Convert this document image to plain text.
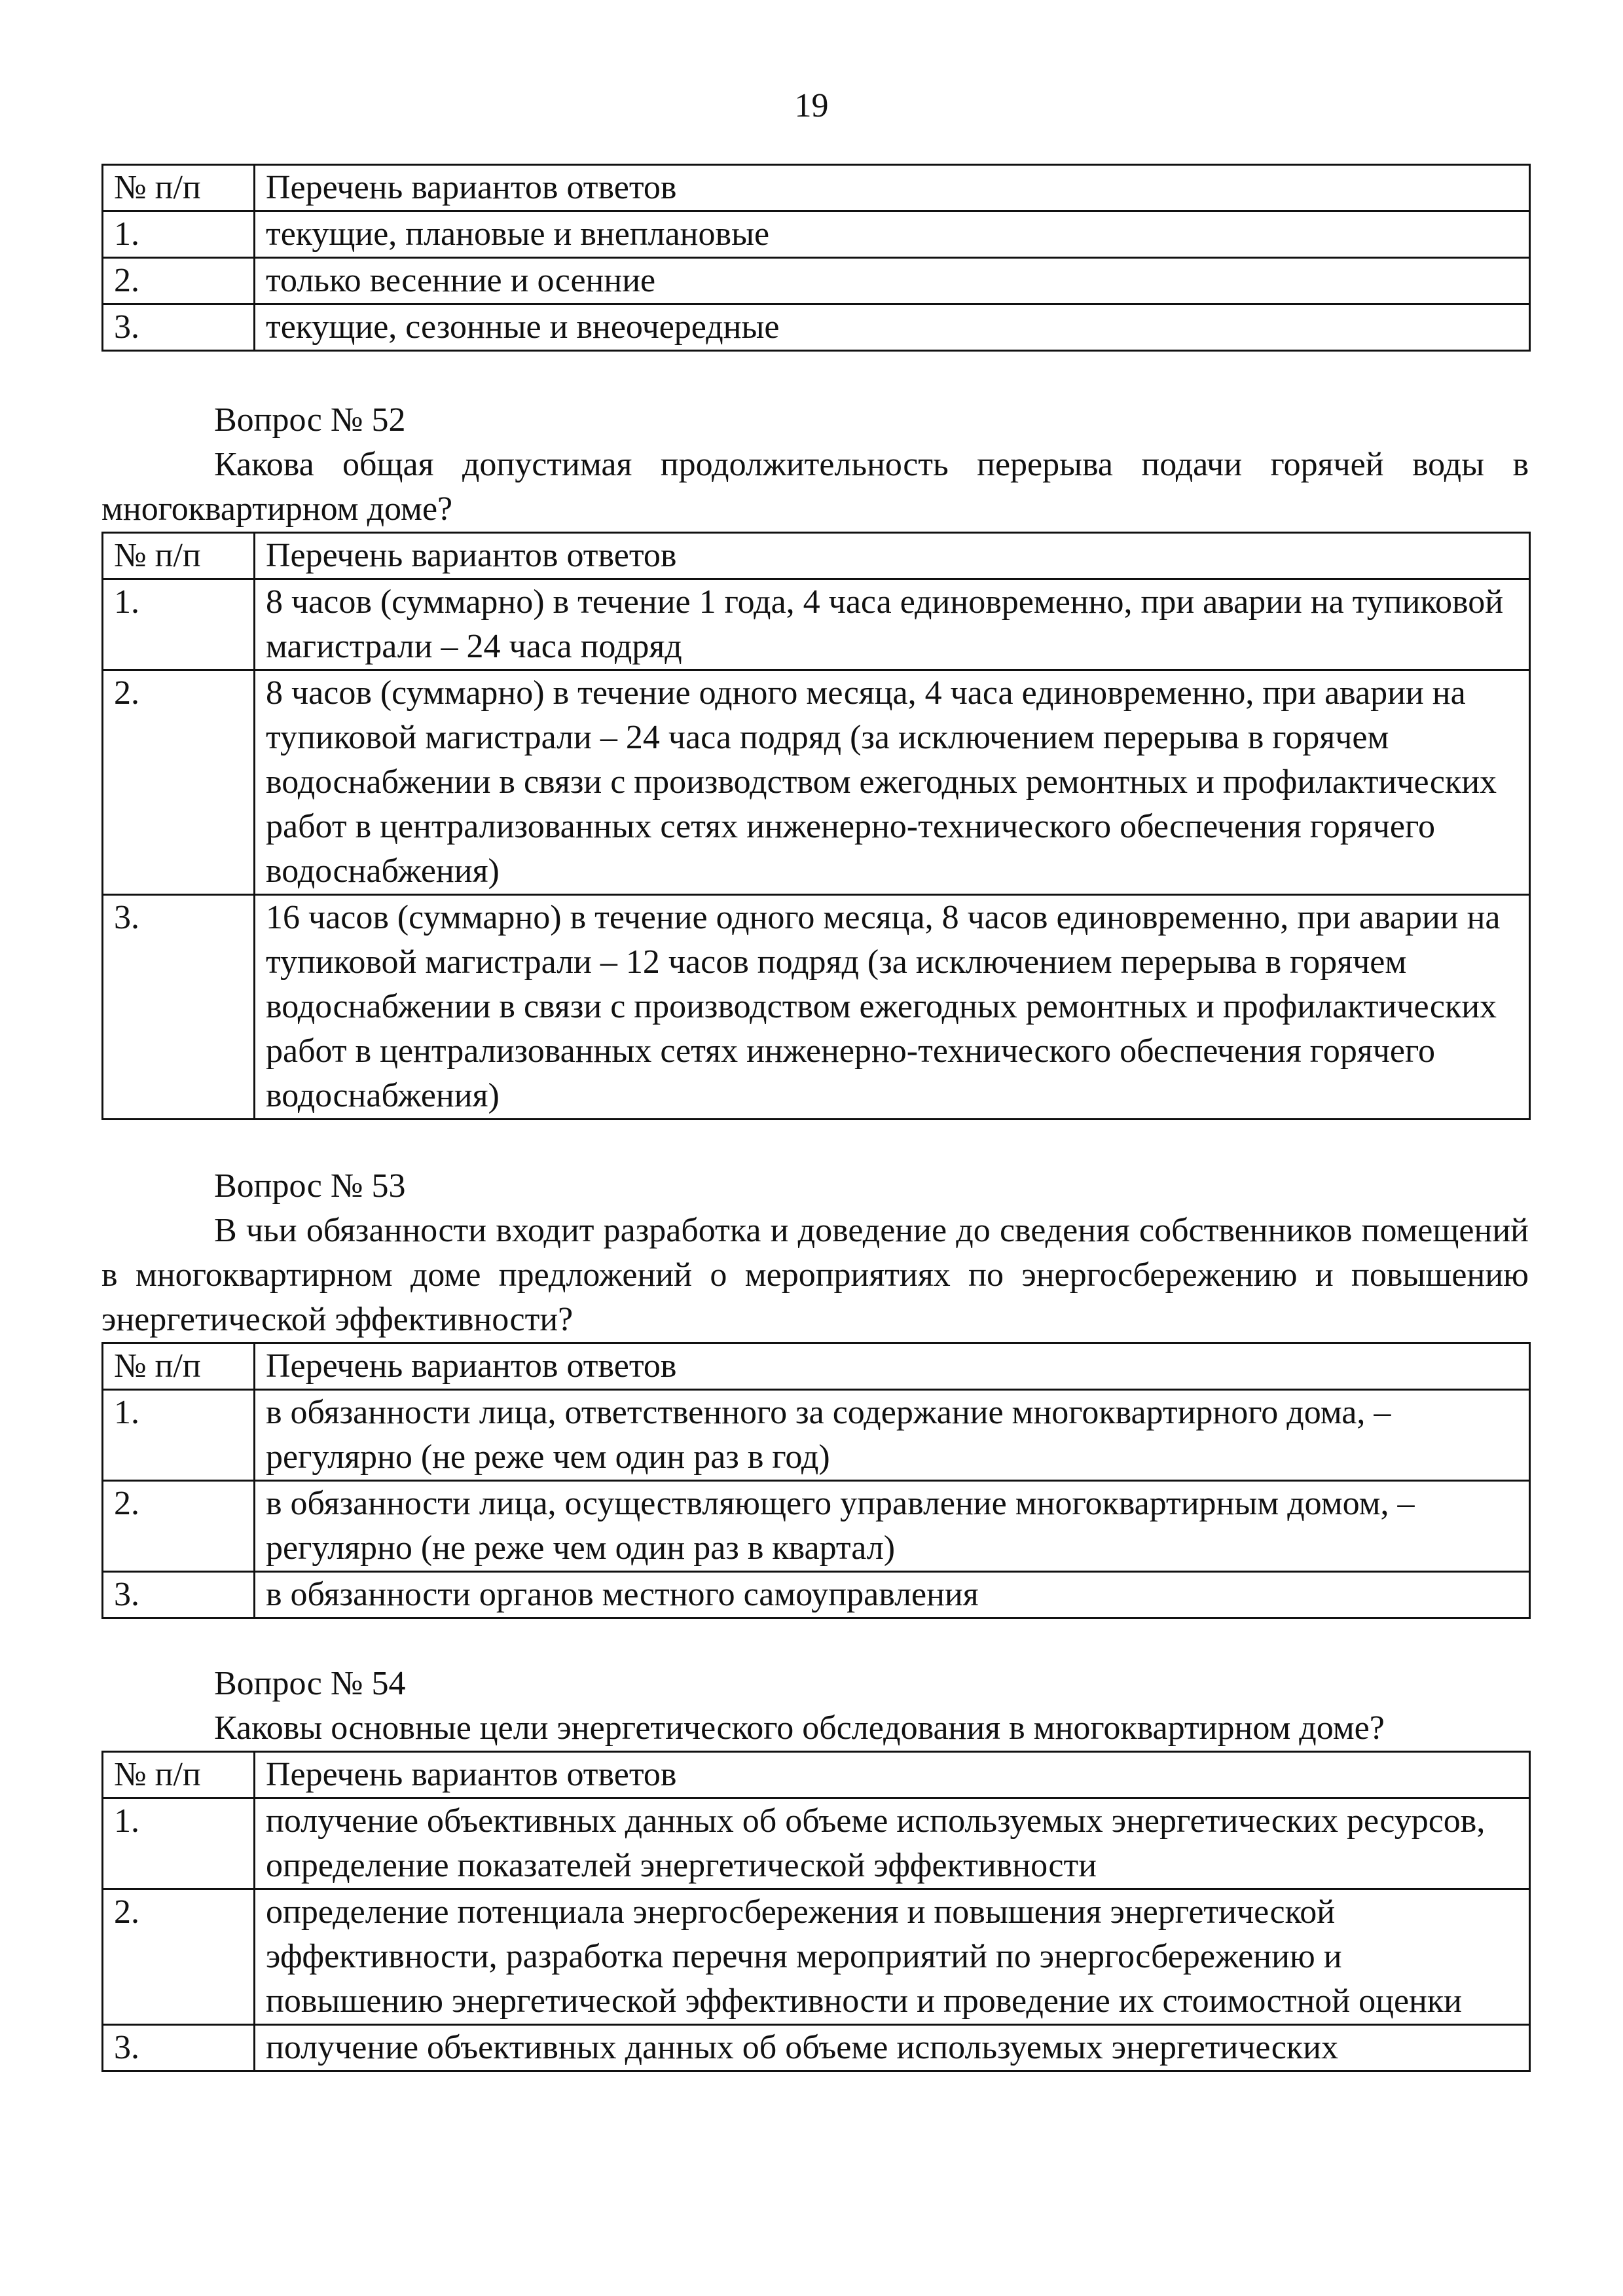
19
№ п/п	Перечень вариантов ответов

1.	текущие, плановые и внеплановые

2.	только весенние и осенние

3.	текущие, сезонные и внеочередные
Вопрос № 52
Какова общая допустимая продолжительность перерыва подачи горячей воды в многоквартирном доме?
№ п/п	Перечень вариантов ответов

1.	8 часов (суммарно) в течение 1 года, 4 часа единовременно, при аварии на тупиковой магистрали – 24 часа подряд

2.	8 часов (суммарно) в течение одного месяца, 4 часа единовременно, при аварии на тупиковой магистрали – 24 часа подряд (за исключением перерыва в горячем водоснабжении в связи с производством ежегодных ремонтных и профилактических работ в централизованных сетях инженерно-технического обеспечения горячего водоснабжения)

3.	16 часов (суммарно) в течение одного месяца, 8 часов единовременно, при аварии на тупиковой магистрали – 12 часов подряд (за исключением перерыва в горячем водоснабжении в связи с производством ежегодных ремонтных и профилактических работ в централизованных сетях инженерно-технического обеспечения горячего водоснабжения)
Вопрос № 53
В чьи обязанности входит разработка и доведение до сведения собственников помещений в многоквартирном доме предложений о мероприятиях по энергосбережению и повышению энергетической эффективности?
№ п/п	Перечень вариантов ответов

1.	в обязанности лица, ответственного за содержание многоквартирного дома, – регулярно (не реже чем один раз в год)

2.	в обязанности лица, осуществляющего управление многоквартирным домом, – регулярно (не реже чем один раз в квартал)

3.	в обязанности органов местного самоуправления
Вопрос № 54
Каковы основные цели энергетического обследования в многоквартирном доме?
№ п/п	Перечень вариантов ответов

1.	получение объективных данных об объеме используемых энергетических ресурсов, определение показателей энергетической эффективности

2.	определение потенциала энергосбережения и повышения энергетической эффективности, разработка перечня мероприятий по энергосбережению и повышению энергетической эффективности и проведение их стоимостной оценки

3.	получение объективных данных об объеме используемых энергетических
